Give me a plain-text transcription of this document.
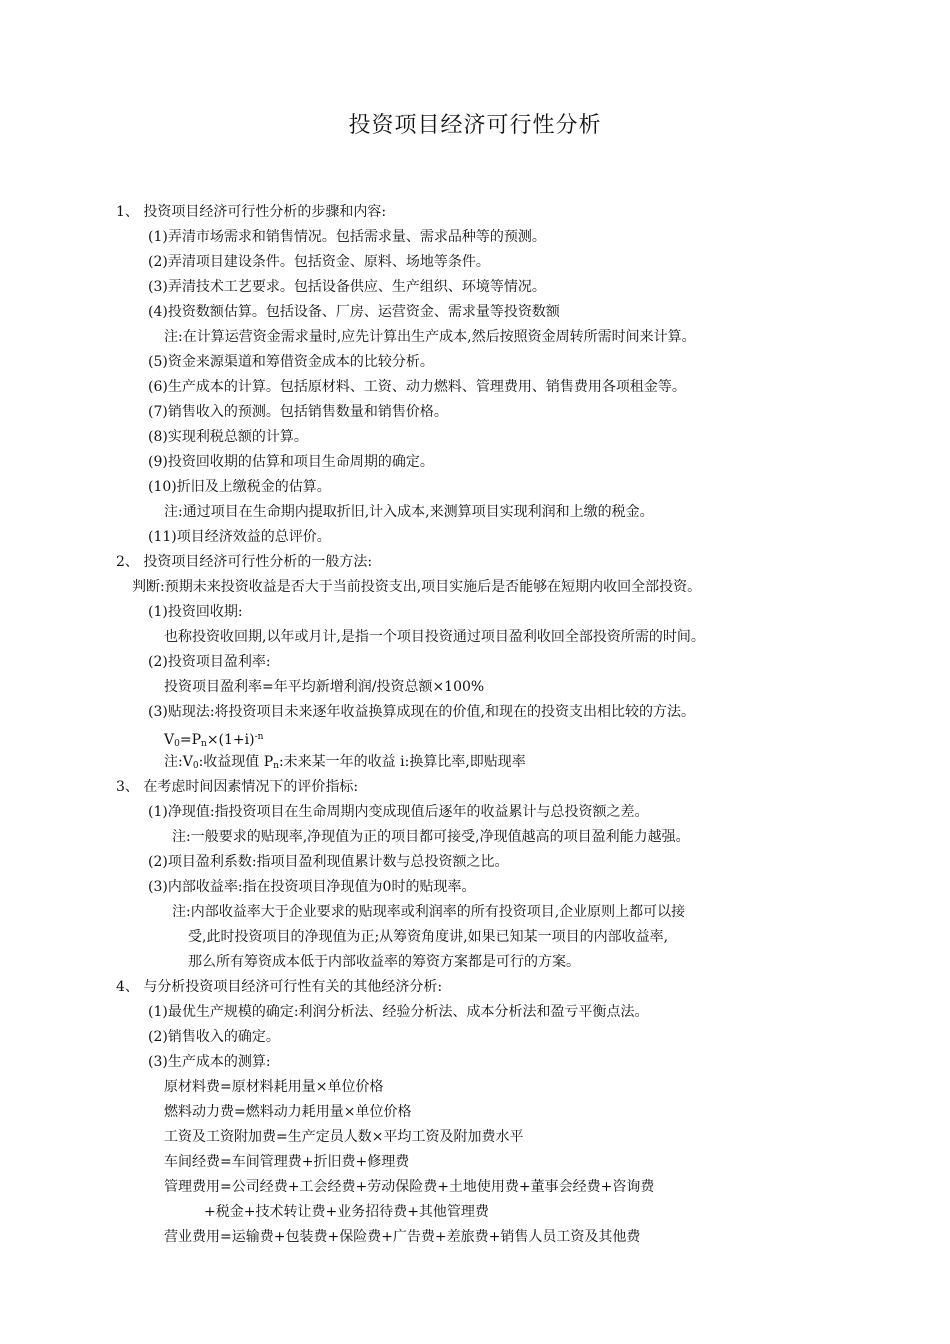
投资项目经济可行性分析
1、 投资项目经济可行性分析的步骤和内容:
(1)弄清市场需求和销售情况。包括需求量、需求品种等的预测。
(2)弄清项目建设条件。包括资金、原料、场地等条件。
(3)弄清技术工艺要求。包括设备供应、生产组织、环境等情况。
(4)投资数额估算。包括设备、厂房、运营资金、需求量等投资数额
注:在计算运营资金需求量时,应先计算出生产成本,然后按照资金周转所需时间来计算。
(5)资金来源渠道和筹借资金成本的比较分析。
(6)生产成本的计算。包括原材料、工资、动力燃料、管理费用、销售费用各项租金等。
(7)销售收入的预测。包括销售数量和销售价格。
(8)实现利税总额的计算。
(9)投资回收期的估算和项目生命周期的确定。
(10)折旧及上缴税金的估算。
注:通过项目在生命期内提取折旧,计入成本,来测算项目实现利润和上缴的税金。
(11)项目经济效益的总评价。
2、 投资项目经济可行性分析的一般方法:
判断:预期未来投资收益是否大于当前投资支出,项目实施后是否能够在短期内收回全部投资。
(1)投资回收期:
也称投资收回期,以年或月计,是指一个项目投资通过项目盈利收回全部投资所需的时间。
(2)投资项目盈利率:
投资项目盈利率=年平均新增利润/投资总额×100%
(3)贴现法:将投资项目未来逐年收益换算成现在的价值,和现在的投资支出相比较的方法。
$V_0=P_n\times(1+i)^{-n}$
注$:V_0$:收益现值 $P_n$:未来某一年的收益 i:换算比率,即贴现率
3、 在考虑时间因素情况下的评价指标:
(1)净现值:指投资项目在生命周期内变成现值后逐年的收益累计与总投资额之差。
注:一般要求的贴现率,净现值为正的项目都可接受,净现值越高的项目盈利能力越强。
(2)项目盈利系数:指项目盈利现值累计数与总投资额之比。
(3)内部收益率:指在投资项目净现值为0时的贴现率。
注:内部收益率大于企业要求的贴现率或利润率的所有投资项目,企业原则上都可以接
受,此时投资项目的净现值为正;从筹资角度讲,如果已知某一项目的内部收益率,
那么所有筹资成本低于内部收益率的筹资方案都是可行的方案。
4、 与分析投资项目经济可行性有关的其他经济分析:
(1)最优生产规模的确定:利润分析法、经验分析法、成本分析法和盈亏平衡点法。
(2)销售收入的确定。
(3)生产成本的测算:
原材料费=原材料耗用量×单位价格
燃料动力费=燃料动力耗用量×单位价格
工资及工资附加费=生产定员人数×平均工资及附加费水平
车间经费=车间管理费+折旧费+修理费
管理费用=公司经费+工会经费+劳动保险费+土地使用费+董事会经费+咨询费
+税金+技术转让费+业务招待费+其他管理费
营业费用=运输费+包装费+保险费+广告费+差旅费+销售人员工资及其他费
